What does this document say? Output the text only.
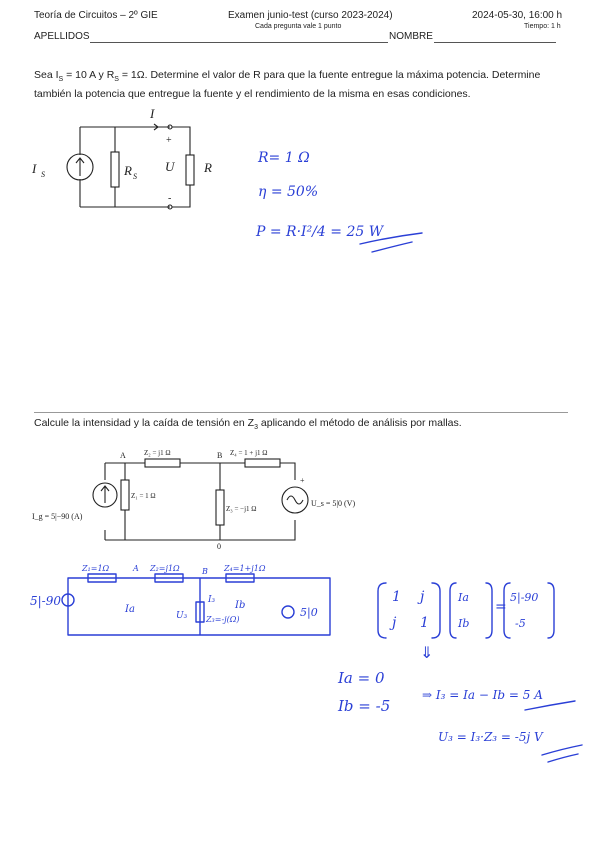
Teoría de Circuitos – 2º GIE	Examen junio-test (curso 2023-2024)
Cada pregunta vale 1 punto
2024-05-30, 16:00 h
Tiempo: 1 h
APELLIDOS	NOMBRE
Sea $I_S = 10$ A y $R_S = 1\Omega$. Determine el valor de R para que la fuente entregue la máxima potencia. Determine también la potencia que entregue la fuente y el rendimiento de la misma en esas condiciones.
I S	R S
I
+
U
-
R
R= 1 Ω
η = 50%
P = R·I²/4 = 25 W
Calcule la intensidad y la caída de tensión en $Z_3$ aplicando el método de análisis por mallas.
A	B
0
Z₂ = j1 Ω	Z₄ = 1 + j1 Ω
Z₁ = 1 Ω
Z₃ = −j1 Ω
I_g = 5|−90 (A)
U_s = 5|0 (V)
+
5|-90
5|0
Z₁=1Ω	Z₂=j1Ω	Z₄=1+j1Ω
A	B
I₃
U₃ Z₃=-j(Ω)
Ia	Ib
1 j
j 1
Ia
Ib
=
5|-90
-5
⇓
Ia = 0
Ib = -5
⇒ I₃ = Ia − Ib = 5 A
U₃ = I₃·Z₃ = -5j V
